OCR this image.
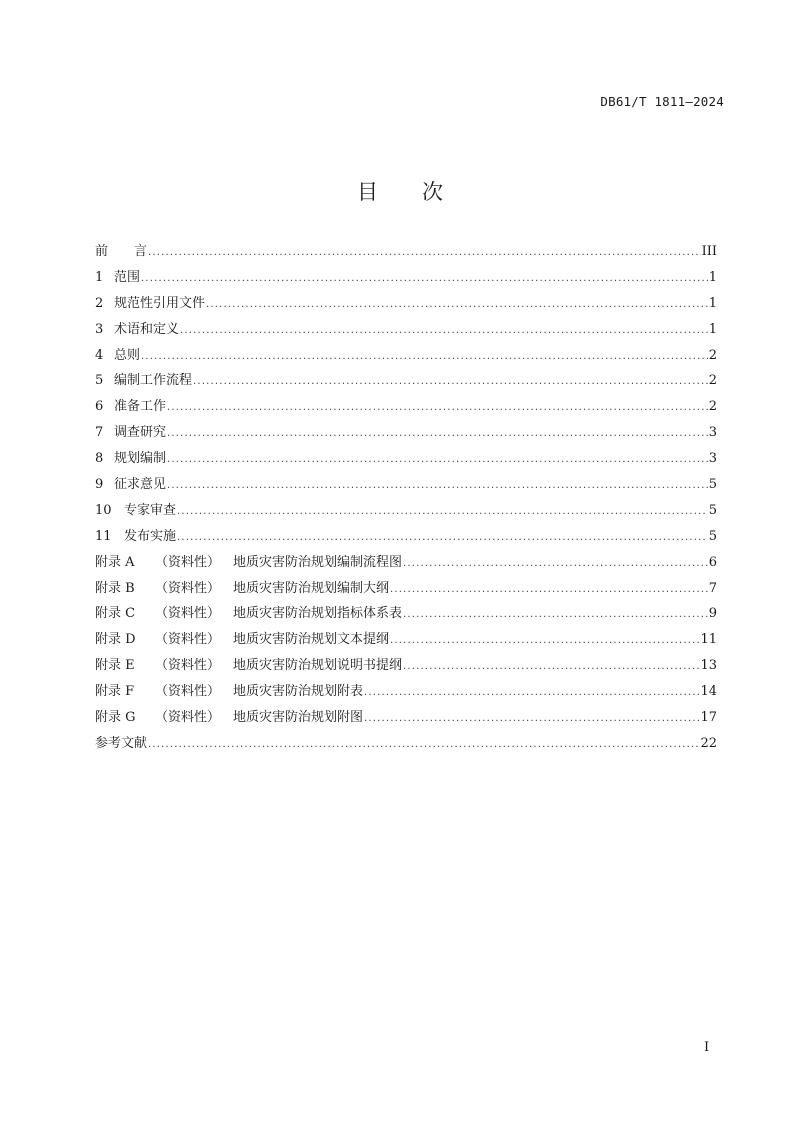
DB61/T 1811—2024
目 次
前　　言 .....	III
1 范围 .....	1
2 规范性引用文件 .....	1
3 术语和定义 .....	1
4 总则 .....	2
5 编制工作流程 .....	2
6 准备工作 .....	2
7 调查研究 .....	3
8 规划编制 .....	3
9 征求意见 .....	5
10 专家审查 .....	5
11 发布实施 .....	5
附录 A	（资料性） 地质灾害防治规划编制流程图 .....	6
附录 B	（资料性） 地质灾害防治规划编制大纲 .....	7
附录 C	（资料性） 地质灾害防治规划指标体系表 .....	9
附录 D	（资料性） 地质灾害防治规划文本提纲 .....	11
附录 E	（资料性） 地质灾害防治规划说明书提纲 .....	13
附录 F	（资料性） 地质灾害防治规划附表 .....	14
附录 G	（资料性） 地质灾害防治规划附图 .....	17
参考文献 .....	22
I
